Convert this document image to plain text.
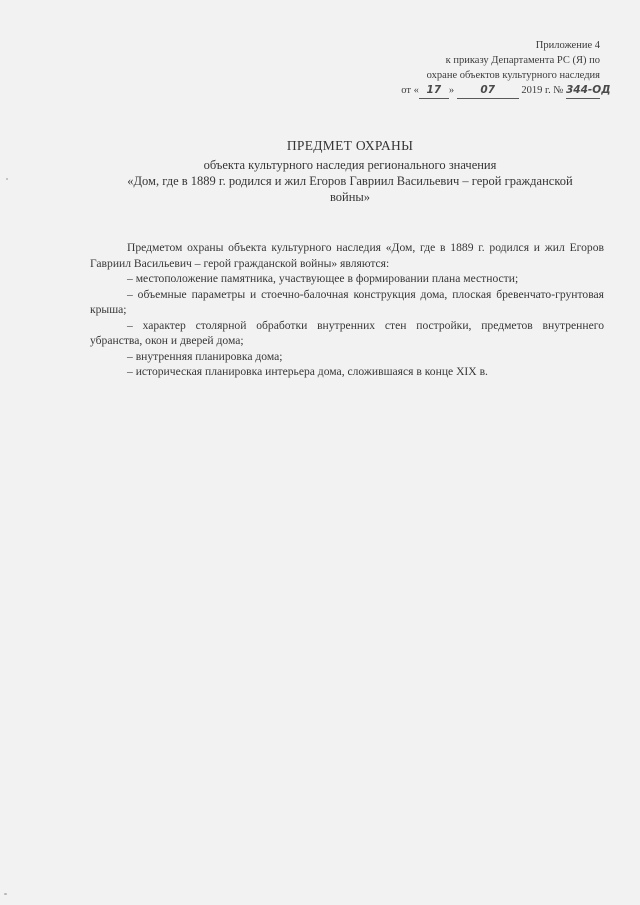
Приложение 4
к приказу Департамента РС (Я) по
охране объектов культурного наследия
от « 17 »	07	2019 г. № 344-ОД
ПРЕДМЕТ ОХРАНЫ
объекта культурного наследия регионального значения
«Дом, где в 1889 г. родился и жил Егоров Гавриил Васильевич – герой гражданской
войны»

Предметом охраны объекта культурного наследия «Дом, где в 1889 г. родился и жил Егоров Гавриил Васильевич – герой гражданской войны» являются:

– местоположение памятника, участвующее в формировании плана местности;

– объемные параметры и стоечно-балочная конструкция дома, плоская бревенчато-грунтовая крыша;

– характер столярной обработки внутренних стен постройки, предметов внутреннего убранства, окон и дверей дома;

– внутренняя планировка дома;

– историческая планировка интерьера дома, сложившаяся в конце XIX в.
